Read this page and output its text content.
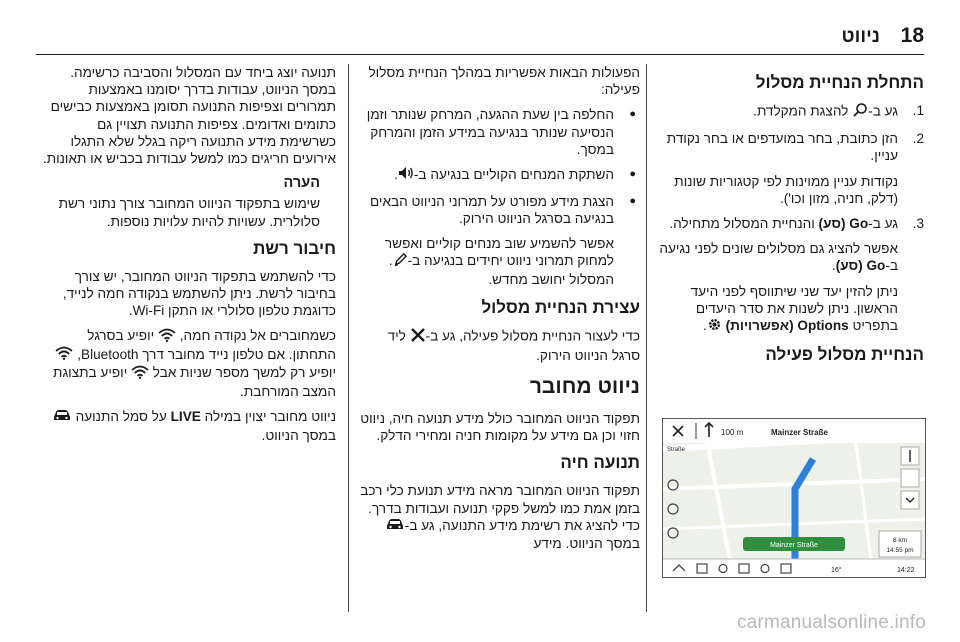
18
ניווט
התחלת הנחיית מסלול
1.
גע ב- להצגת המקלדת.
2.
הזן כתובת, בחר במועדפים או בחר נקודת עניין.

נקודות עניין ממוינות לפי קטגוריות שונות (דלק, חניה, מזון וכו').

3.
גע ב-Go (סע) והנחיית המסלול מתחילה.

אפשר להציג גם מסלולים שונים לפני נגיעה ב-Go (סע).

ניתן להזין יעד שני שיתווסף לפני היעד הראשון. ניתן לשנות את סדר היעדים בתפריט Options (אפשרויות) .

הנחיית מסלול פעילה
100 m	Mainzer Straße
Straße
Mainzer Straße
8 km
14:55 pm
16°	14:22

הפעולות הבאות אפשריות במהלך הנחיית מסלול פעילה:

● החלפה בין שעת ההגעה, המרחק שנותר וזמן הנסיעה שנותר בנגיעה במידע הזמן והמרחק במסך.
● השתקת המנחים הקוליים בנגיעה ב-.
● הצגת מידע מפורט על תמרוני הניווט הבאים בנגיעה בסרגל הניווט הירוק.

אפשר להשמיע שוב מנחים קוליים ואפשר למחוק תמרוני ניווט יחידים בנגיעה ב-. המסלול יחושב מחדש.

עצירת הנחיית מסלול

כדי לעצור הנחיית מסלול פעילה, גע ב- ליד סרגל הניווט הירוק.

ניווט מחובר

תפקוד הניווט המחובר כולל מידע תנועה חיה, ניווט חזוי וכן גם מידע על מקומות חניה ומחירי הדלק.

תנועה חיה

תפקוד הניווט המחובר מראה מידע תנועת כלי רכב בזמן אמת כמו למשל פקקי תנועה ועבודות בדרך. כדי להציג את רשימת מידע התנועה, גע ב- במסך הניווט. מידע

תנועה יוצג ביחד עם המסלול והסביבה כרשימה. במסך הניווט, עבודות בדרך יסומנו באמצעות תמרורים וצפיפות התנועה תסומן באמצעות כבישים כתומים ואדומים. צפיפות התנועה תצויין גם כשרשימת מידע התנועה ריקה בגלל שלא התגלו אירועים חריגים כמו למשל עבודות בכביש או תאונות.

הערה

שימוש בתפקוד הניווט המחובר צורך נתוני רשת סלולרית. עשויות להיות עלויות נוספות.

חיבור רשת

כדי להשתמש בתפקוד הניווט המחובר, יש צורך בחיבור לרשת. ניתן להשתמש בנקודה חמה לנייד, כדוגמת טלפון סלולרי או התקן Wi-Fi.

כשמחוברים אל נקודה חמה,  יופיע בסרגל התחתון. אם טלפון נייד מחובר דרך Bluetooth,  יופיע רק למשך מספר שניות אבל  יופיע בתצוגת המצב המורחבת.

ניווט מחובר יצוין במילה LIVE על סמל התנועה  במסך הניווט.

carmanualsonline.info
